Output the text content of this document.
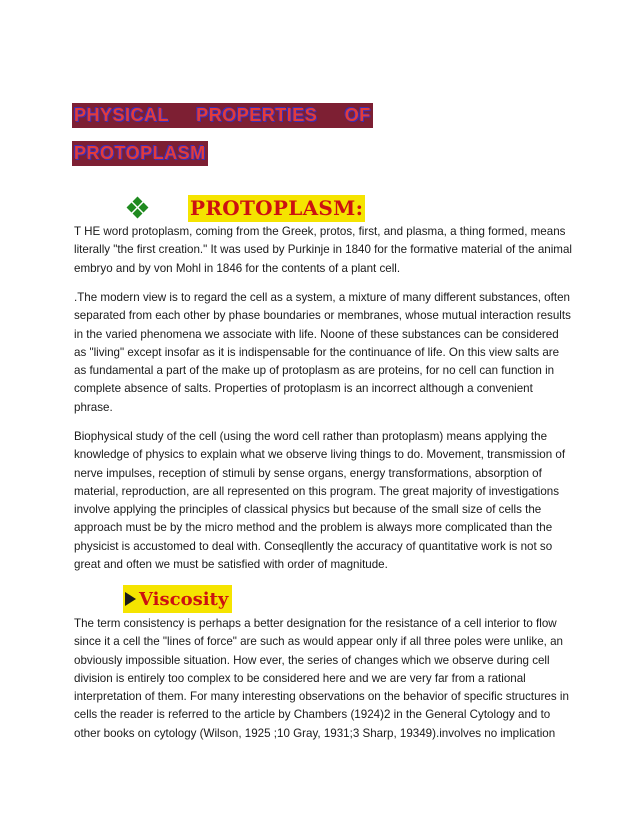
PHYSICAL PROPERTIES OF PROTOPLASM
PROTOPLASM:

T HE word protoplasm, coming from the Greek, protos, first, and plasma, a thing formed, means literally "the first creation." It was used by Purkinje in 1840 for the formative material of the animal embryo and by von Mohl in 1846 for the contents of a plant cell.

.The modern view is to regard the cell as a system, a mixture of many different substances, often separated from each other by phase boundaries or membranes, whose mutual interaction results in the varied phenomena we associate with life. Noone of these substances can be considered as "living" except insofar as it is indispensable for the continuance of life. On this view salts are as fundamental a part of the make up of protoplasm as are proteins, for no cell can function in complete absence of salts. Properties of protoplasm is an incorrect although a convenient phrase.

Biophysical study of the cell (using the word cell rather than protoplasm) means applying the knowledge of physics to explain what we observe living things to do. Movement, transmission of nerve impulses, reception of stimuli by sense organs, energy transformations, absorption of material, reproduction, are all represented on this program. The great majority of investigations involve applying the principles of classical physics but because of the small size of cells the approach must be by the micro method and the problem is always more complicated than the physicist is accustomed to deal with. Conseqllently the accuracy of quantitative work is not so great and often we must be satisfied with order of magnitude.

Viscosity

The term consistency is perhaps a better designation for the resistance of a cell interior to flow since it a cell the "lines of force" are such as would appear only if all three poles were unlike, an obviously impossible situation. How ever, the series of changes which we observe during cell division is entirely too complex to be considered here and we are very far from a rational interpretation of them. For many interesting observations on the behavior of specific structures in cells the reader is referred to the article by Chambers (1924)2 in the General Cytology and to other books on cytology (Wilson, 1925 ;10 Gray, 1931;3 Sharp, 19349).involves no implication
